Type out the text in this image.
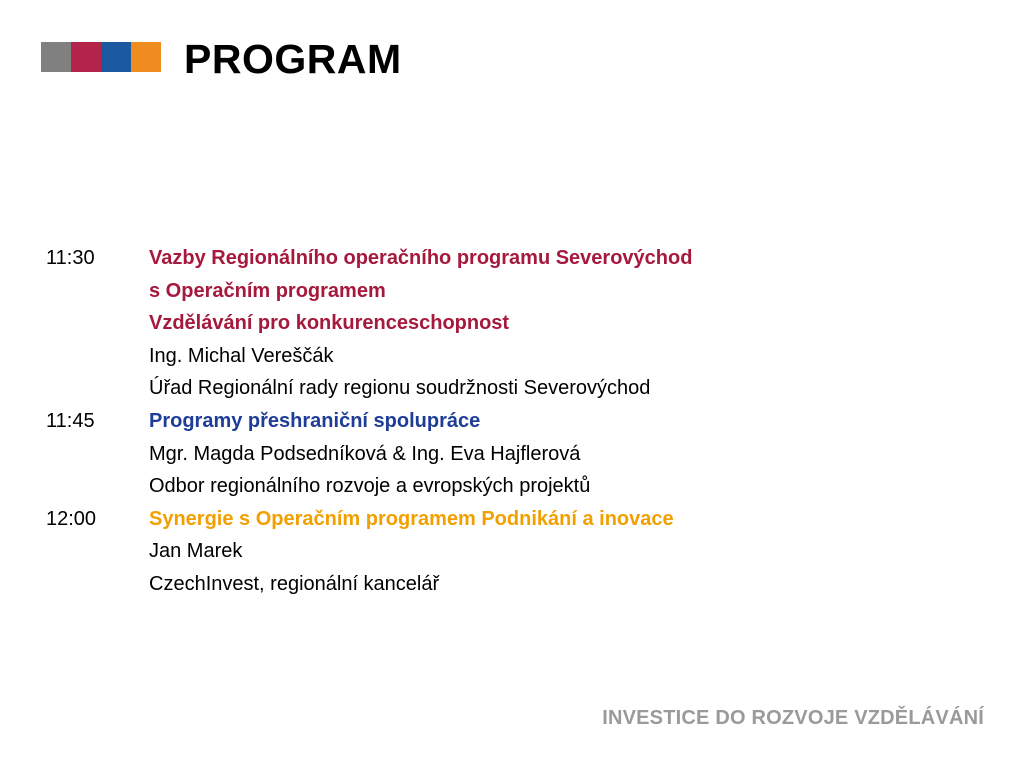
PROGRAM
11:30	Vazby Regionálního operačního programu Severovýchod
s Operačním programem
Vzdělávání pro konkurenceschopnost
Ing. Michal Vereščák
Úřad Regionální rady regionu soudržnosti Severovýchod
11:45	Programy přeshraniční spolupráce
Mgr. Magda Podsedníková & Ing. Eva Hajflerová
Odbor regionálního rozvoje a evropských projektů
12:00	Synergie s Operačním programem Podnikání a inovace
Jan Marek
CzechInvest, regionální kancelář
INVESTICE DO ROZVOJE VZDĚLÁVÁNÍ
